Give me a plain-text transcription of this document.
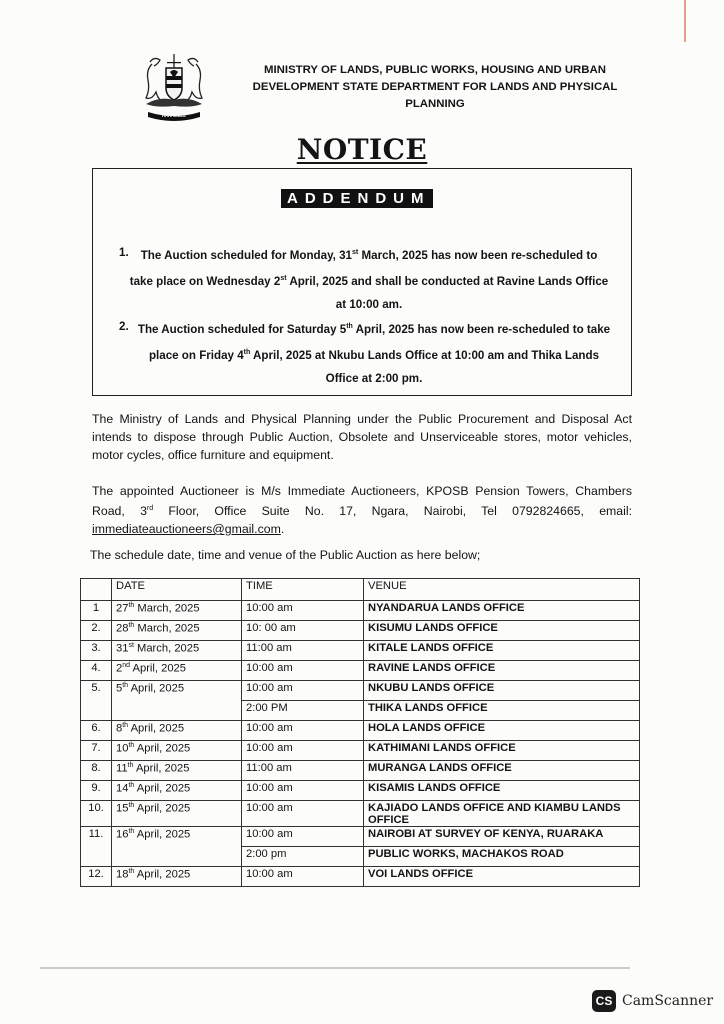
HARAMBEE
MINISTRY OF LANDS, PUBLIC WORKS, HOUSING AND URBAN
DEVELOPMENT STATE DEPARTMENT FOR LANDS AND PHYSICAL
PLANNING
NOTICE
ADDENDUM
1.	The Auction scheduled for Monday, 31st March, 2025 has now been re-scheduled to
take place on Wednesday 2st April, 2025 and shall be conducted at Ravine Lands Office
at 10:00 am.
2. The Auction scheduled for Saturday 5th April, 2025 has now been re-scheduled to take
place on Friday 4th April, 2025 at Nkubu Lands Office at 10:00 am and Thika Lands
Office at 2:00 pm.
The Ministry of Lands and Physical Planning under the Public Procurement and Disposal Act intends to dispose through Public Auction, Obsolete and Unserviceable stores, motor vehicles, motor cycles, office furniture and equipment.
The appointed Auctioneer is M/s Immediate Auctioneers, KPOSB Pension Towers, Chambers Road, 3rd Floor, Office Suite No. 17, Ngara, Nairobi, Tel 0792824665, email: immediateauctioneers@gmail.com.
The schedule date, time and venue of the Public Auction as here below;
	DATE	TIME	VENUE
1	27th March, 2025	10:00 am	NYANDARUA LANDS OFFICE
2.	28th March, 2025	10: 00 am	KISUMU LANDS OFFICE
3.	31st March, 2025	11:00 am	KITALE LANDS OFFICE
4.	2nd April, 2025	10:00 am	RAVINE LANDS OFFICE
5.	5th April, 2025	10:00 am	NKUBU LANDS OFFICE
		2:00 PM	THIKA LANDS OFFICE
6.	8th April, 2025	10:00 am	HOLA LANDS OFFICE
7.	10th April, 2025	10:00 am	KATHIMANI LANDS OFFICE
8.	11th April, 2025	11:00 am	MURANGA LANDS OFFICE
9.	14th April, 2025	10:00 am	KISAMIS LANDS OFFICE
10.	15th April, 2025	10:00 am	KAJIADO LANDS OFFICE AND KIAMBU LANDS OFFICE
11.	16th April, 2025	10:00 am	NAIROBI AT SURVEY OF KENYA, RUARAKA
		2:00 pm	PUBLIC WORKS, MACHAKOS ROAD
12.	18th April, 2025	10:00 am	VOI LANDS OFFICE
CS CamScanner
